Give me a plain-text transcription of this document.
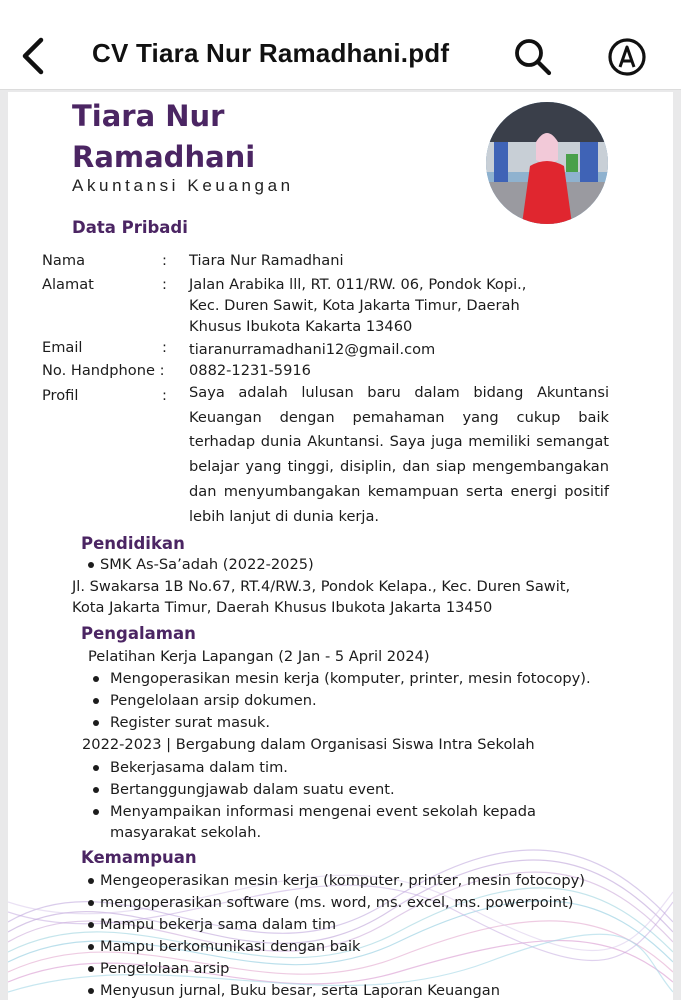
CV Tiara Nur Ramadhani.pdf
Tiara Nur Ramadhani
Akuntansi Keuangan
Data Pribadi
Nama	: Tiara Nur Ramadhani
Alamat	: Jalan Arabika lll, RT. 011/RW. 06, Pondok Kopi.,
Kec. Duren Sawit, Kota Jakarta Timur, Daerah
Khusus Ibukota Kakarta 13460
Email	: tiaranurramadhani12@gmail.com
No. Handphone : 0882-1231-5916
Profil	: Saya adalah lulusan baru dalam bidang Akuntansi Keuangan dengan pemahaman yang cukup baik terhadap dunia Akuntansi. Saya juga memiliki semangat belajar yang tinggi, disiplin, dan siap mengembangakan dan menyumbangakan kemampuan serta energi positif lebih lanjut di dunia kerja.
Pendidikan
SMK As-Sa’adah (2022-2025)
Jl. Swakarsa 1B No.67, RT.4/RW.3, Pondok Kelapa., Kec. Duren Sawit,
Kota Jakarta Timur, Daerah Khusus Ibukota Jakarta 13450
Pengalaman
Pelatihan Kerja Lapangan (2 Jan - 5 April 2024)
Mengoperasikan mesin kerja (komputer, printer, mesin fotocopy).
Pengelolaan arsip dokumen.
Register surat masuk.
2022-2023 | Bergabung dalam Organisasi Siswa Intra Sekolah
Bekerjasama dalam tim.
Bertanggungjawab dalam suatu event.
Menyampaikan informasi mengenai event sekolah kepada
masyarakat sekolah.
Kemampuan
Mengeoperasikan mesin kerja (komputer, printer, mesin fotocopy)
mengoperasikan software (ms. word, ms. excel, ms. powerpoint)
Mampu bekerja sama dalam tim
Mampu berkomunikasi dengan baik
Pengelolaan arsip
Menyusun jurnal, Buku besar, serta Laporan Keuangan
